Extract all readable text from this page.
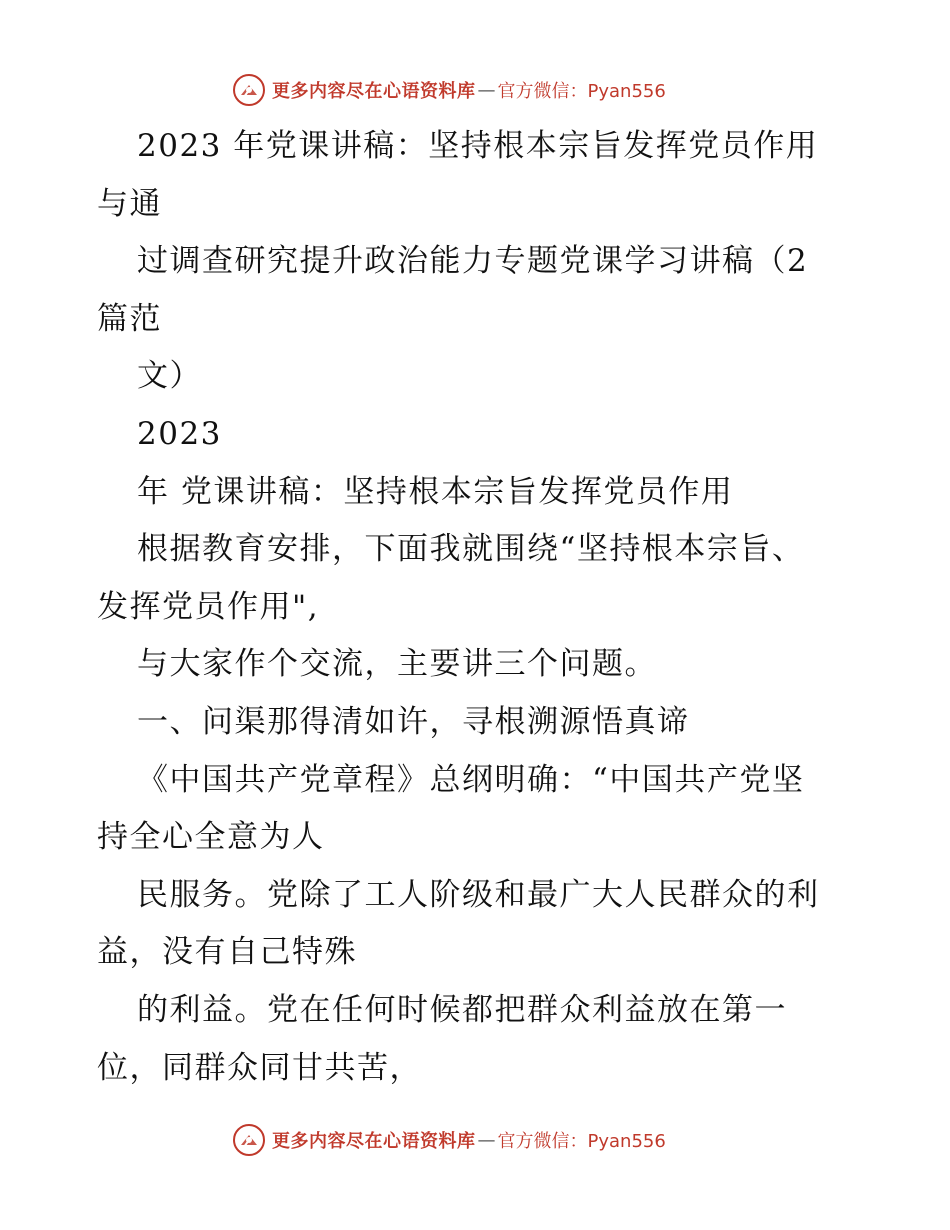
更多内容尽在心语资料库 — 官方微信：Pyan556
2023 年党课讲稿：坚持根本宗旨发挥党员作用
与通
过调查研究提升政治能力专题党课学习讲稿（2
篇范
文）
2023
年 党课讲稿：坚持根本宗旨发挥党员作用
根据教育安排，下面我就围绕“坚持根本宗旨、
发挥党员作用",
与大家作个交流，主要讲三个问题。
一、问渠那得清如许，寻根溯源悟真谛
《中国共产党章程》总纲明确：“中国共产党坚
持全心全意为人
民服务。党除了工人阶级和最广大人民群众的利
益，没有自己特殊
的利益。党在任何时候都把群众利益放在第一
位，同群众同甘共苦，
更多内容尽在心语资料库 — 官方微信：Pyan556
